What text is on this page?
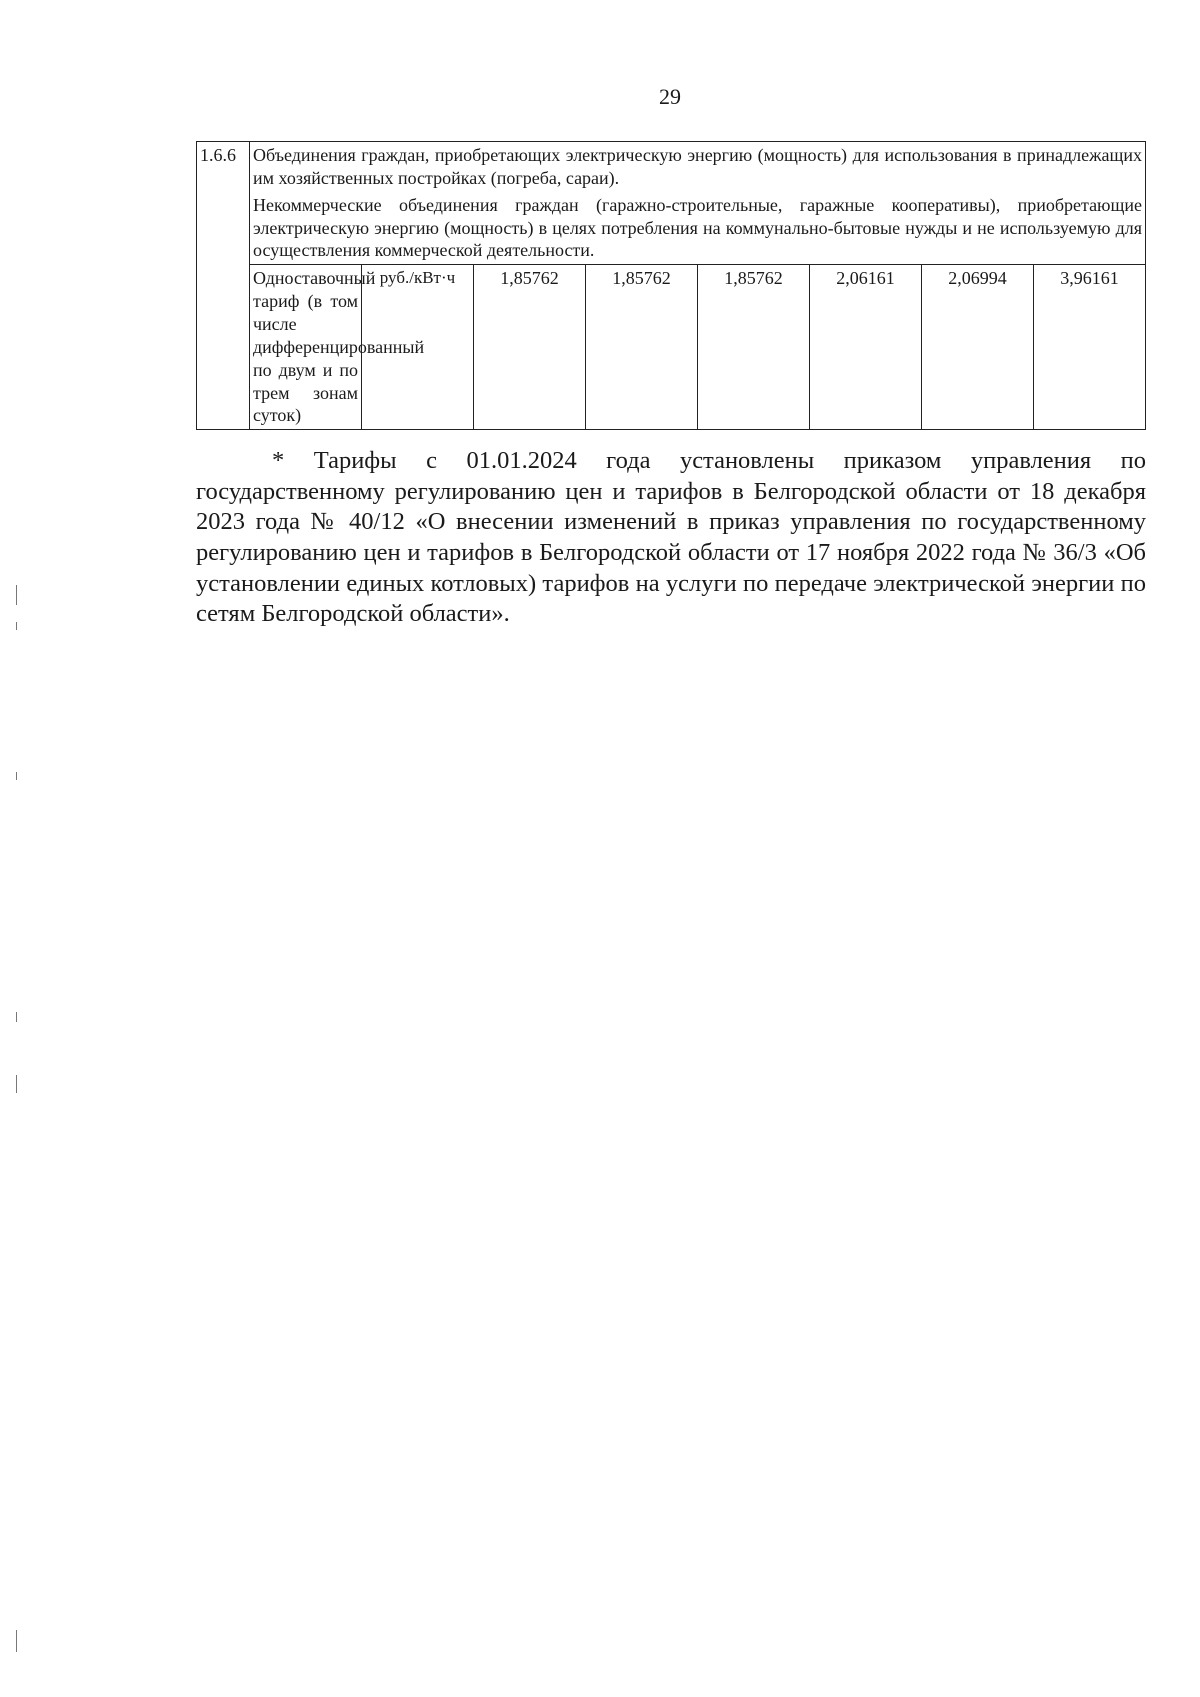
29
1.6.6	Объединения граждан, приобретающих электрическую энергию (мощность) для использования в принадлежащих им хозяйственных постройках (погреба, сараи).

Некоммерческие объединения граждан (гаражно-строительные, гаражные кооперативы), приобретающие электрическую энергию (мощность) в целях потребления на коммунально-бытовые нужды и не используемую для осуществления коммерческой деятельности.							

	Одноставочный тариф (в том числе дифференцированный по двум и по трем зонам суток)	руб./кВт·ч	1,85762	1,85762	1,85762	2,06161	2,06994	3,96161

* Тарифы с 01.01.2024 года установлены приказом управления по государственному регулированию цен и тарифов в Белгородской области от 18 декабря 2023 года № 40/12 «О внесении изменений в приказ управления по государственному регулированию цен и тарифов в Белгородской области от 17 ноября 2022 года № 36/3 «Об установлении единых котловых) тарифов на услуги по передаче электрической энергии по сетям Белгородской области».
